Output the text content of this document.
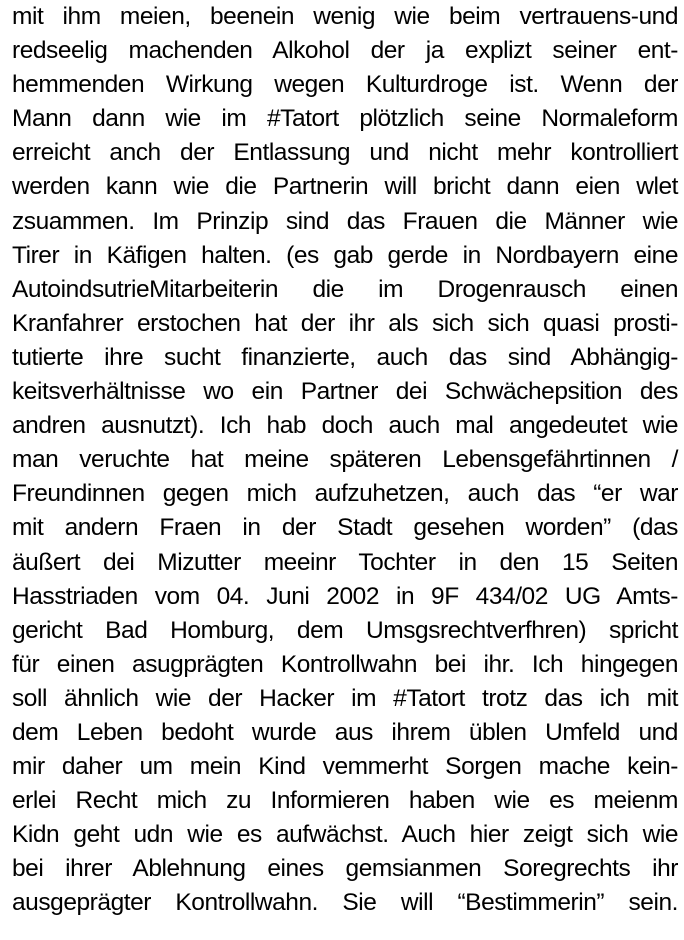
mit ihm meien, beenein wenig wie beim vertrauens-und
redseelig machenden Alkohol der ja explizt seiner ent-
hemmenden Wirkung wegen Kulturdroge ist. Wenn der
Mann dann wie im #Tatort plötzlich seine Normaleform
erreicht anch der Entlassung und nicht mehr kontrolliert
werden kann wie die Partnerin will bricht dann eien wlet
zsuammen. Im Prinzip sind das Frauen die Männer wie
Tirer in Käfigen halten. (es gab gerde in Nordbayern eine
AutoindsutrieMitarbeiterin die im Drogenrausch einen
Kranfahrer erstochen hat der ihr als sich sich quasi prosti-
tutierte ihre sucht finanzierte, auch das sind Abhängig-
keitsverhältnisse wo ein Partner dei Schwächepsition des
andren ausnutzt). Ich hab doch auch mal angedeutet wie
man veruchte hat meine späteren Lebensgefährtinnen /
Freundinnen gegen mich aufzuhetzen, auch das “er war
mit andern Fraen in der Stadt gesehen worden” (das
äußert dei Mizutter meeinr Tochter in den 15 Seiten
Hasstriaden vom 04. Juni 2002 in 9F 434/02 UG Amts-
gericht Bad Homburg, dem Umsgsrechtverfhren) spricht
für einen asugprägten Kontrollwahn bei ihr. Ich hingegen
soll ähnlich wie der Hacker im #Tatort trotz das ich mit
dem Leben bedoht wurde aus ihrem üblen Umfeld und
mir daher um mein Kind vemmerht Sorgen mache kein-
erlei Recht mich zu Informieren haben wie es meienm
Kidn geht udn wie es aufwächst. Auch hier zeigt sich wie
bei ihrer Ablehnung eines gemsianmen Soregrechts ihr
ausgeprägter Kontrollwahn. Sie will “Bestimmerin” sein.
